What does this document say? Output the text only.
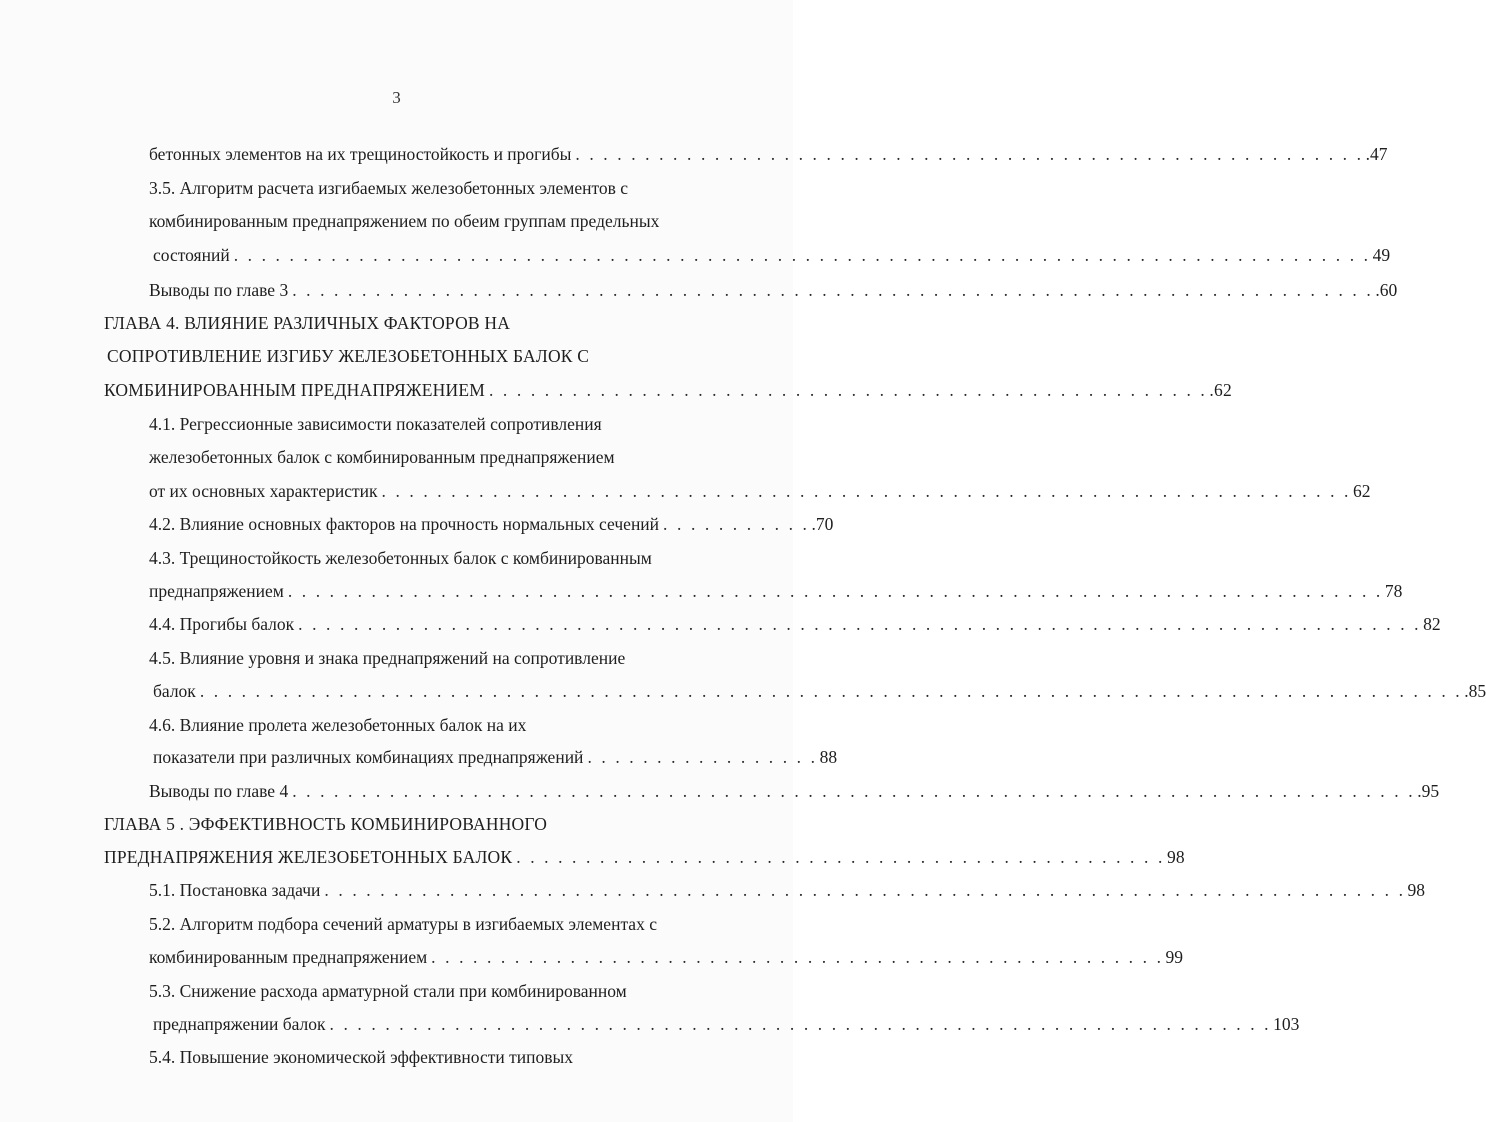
3
бетонных элементов на их трещиностойкость и прогибы . . . . . . . . . . . . . . . . . . . . . . . . . . . . . . . . . . . . . . . . . . . . . . . . . . . . . . . . . .47
3.5. Алгоритм расчета изгибаемых железобетонных элементов с
комбинированным преднапряжением по обеим группам предельных
состояний . . . . . . . . . . . . . . . . . . . . . . . . . . . . . . . . . . . . . . . . . . . . . . . . . . . . . . . . . . . . . . . . . . . . . . . . . . . . . . . . . . 49
Выводы по главе 3 . . . . . . . . . . . . . . . . . . . . . . . . . . . . . . . . . . . . . . . . . . . . . . . . . . . . . . . . . . . . . . . . . . . . . . . . . . . . . . .60
ГЛАВА 4. ВЛИЯНИЕ РАЗЛИЧНЫХ ФАКТОРОВ НА
СОПРОТИВЛЕНИЕ ИЗГИБУ ЖЕЛЕЗОБЕТОННЫХ БАЛОК С
КОМБИНИРОВАННЫМ ПРЕДНАПРЯЖЕНИЕМ . . . . . . . . . . . . . . . . . . . . . . . . . . . . . . . . . . . . . . . . . . . . . . . . . . . . .62
4.1. Регрессионные зависимости показателей сопротивления
железобетонных балок с комбинированным преднапряжением
от их основных характеристик . . . . . . . . . . . . . . . . . . . . . . . . . . . . . . . . . . . . . . . . . . . . . . . . . . . . . . . . . . . . . . . . . . . . . . 62
4.2. Влияние основных факторов на прочность нормальных сечений . . . . . . . . . . . .70
4.3. Трещиностойкость железобетонных балок с комбинированным
преднапряжением . . . . . . . . . . . . . . . . . . . . . . . . . . . . . . . . . . . . . . . . . . . . . . . . . . . . . . . . . . . . . . . . . . . . . . . . . . . . . . . 78
4.4. Прогибы балок . . . . . . . . . . . . . . . . . . . . . . . . . . . . . . . . . . . . . . . . . . . . . . . . . . . . . . . . . . . . . . . . . . . . . . . . . . . . . . . . . 82
4.5. Влияние уровня и знака преднапряжений на сопротивление
балок . . . . . . . . . . . . . . . . . . . . . . . . . . . . . . . . . . . . . . . . . . . . . . . . . . . . . . . . . . . . . . . . . . . . . . . . . . . . . . . . . . . . . . . . . . . .85
4.6. Влияние пролета железобетонных балок на их
показатели при различных комбинациях преднапряжений . . . . . . . . . . . . . . . . . 88
Выводы по главе 4 . . . . . . . . . . . . . . . . . . . . . . . . . . . . . . . . . . . . . . . . . . . . . . . . . . . . . . . . . . . . . . . . . . . . . . . . . . . . . . . . . .95
ГЛАВА 5 . ЭФФЕКТИВНОСТЬ КОМБИНИРОВАННОГО
ПРЕДНАПРЯЖЕНИЯ ЖЕЛЕЗОБЕТОННЫХ БАЛОК . . . . . . . . . . . . . . . . . . . . . . . . . . . . . . . . . . . . . . . . . . . . . . . 98
5.1. Постановка задачи . . . . . . . . . . . . . . . . . . . . . . . . . . . . . . . . . . . . . . . . . . . . . . . . . . . . . . . . . . . . . . . . . . . . . . . . . . . . . . 98
5.2. Алгоритм подбора сечений арматуры в изгибаемых элементах с
комбинированным преднапряжением . . . . . . . . . . . . . . . . . . . . . . . . . . . . . . . . . . . . . . . . . . . . . . . . . . . . . 99
5.3. Снижение расхода арматурной стали при комбинированном
преднапряжении балок . . . . . . . . . . . . . . . . . . . . . . . . . . . . . . . . . . . . . . . . . . . . . . . . . . . . . . . . . . . . . . . . . . . . 103
5.4. Повышение экономической эффективности типовых
